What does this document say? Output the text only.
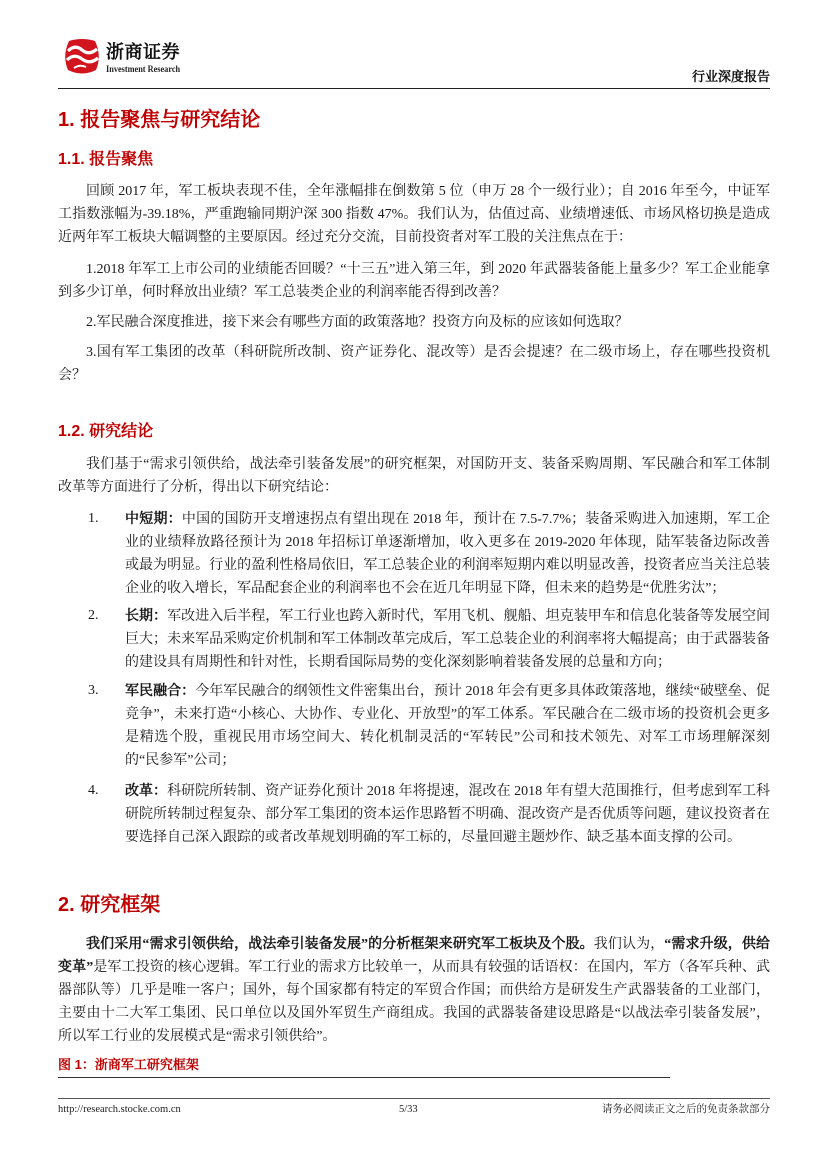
浙商证券
Investment Research	行业深度报告
1. 报告聚焦与研究结论
1.1. 报告聚焦

回顾 2017 年，军工板块表现不佳，全年涨幅排在倒数第 5 位（申万 28 个一级行业）；自 2016 年至今，中证军工指数涨幅为-39.18%，严重跑输同期沪深 300 指数 47%。我们认为，估值过高、业绩增速低、市场风格切换是造成近两年军工板块大幅调整的主要原因。经过充分交流，目前投资者对军工股的关注焦点在于：

1.2018 年军工上市公司的业绩能否回暖？“十三五”进入第三年，到 2020 年武器装备能上量多少？军工企业能拿到多少订单，何时释放出业绩？军工总装类企业的利润率能否得到改善？

2.军民融合深度推进，接下来会有哪些方面的政策落地？投资方向及标的应该如何选取？

3.国有军工集团的改革（科研院所改制、资产证券化、混改等）是否会提速？在二级市场上，存在哪些投资机会？

1.2. 研究结论

我们基于“需求引领供给，战法牵引装备发展”的研究框架，对国防开支、装备采购周期、军民融合和军工体制改革等方面进行了分析，得出以下研究结论：

1. 中短期：中国的国防开支增速拐点有望出现在 2018 年，预计在 7.5-7.7%；装备采购进入加速期，军工企业的业绩释放路径预计为 2018 年招标订单逐渐增加，收入更多在 2019-2020 年体现，陆军装备边际改善或最为明显。行业的盈利性格局依旧，军工总装企业的利润率短期内难以明显改善，投资者应当关注总装企业的收入增长，军品配套企业的利润率也不会在近几年明显下降，但未来的趋势是“优胜劣汰”；
2. 长期：军改进入后半程，军工行业也跨入新时代，军用飞机、舰船、坦克装甲车和信息化装备等发展空间巨大；未来军品采购定价机制和军工体制改革完成后，军工总装企业的利润率将大幅提高；由于武器装备的建设具有周期性和针对性，长期看国际局势的变化深刻影响着装备发展的总量和方向；
3. 军民融合：今年军民融合的纲领性文件密集出台，预计 2018 年会有更多具体政策落地，继续“破壁垒、促竞争”，未来打造“小核心、大协作、专业化、开放型”的军工体系。军民融合在二级市场的投资机会更多是精选个股，重视民用市场空间大、转化机制灵活的“军转民”公司和技术领先、对军工市场理解深刻的“民参军”公司；
4. 改革：科研院所转制、资产证券化预计 2018 年将提速，混改在 2018 年有望大范围推行，但考虑到军工科研院所转制过程复杂、部分军工集团的资本运作思路暂不明确、混改资产是否优质等问题，建议投资者在要选择自己深入跟踪的或者改革规划明确的军工标的，尽量回避主题炒作、缺乏基本面支撑的公司。
2. 研究框架

我们采用“需求引领供给，战法牵引装备发展”的分析框架来研究军工板块及个股。我们认为，“需求升级，供给变革”是军工投资的核心逻辑。军工行业的需求方比较单一，从而具有较强的话语权：在国内，军方（各军兵种、武器部队等）几乎是唯一客户；国外，每个国家都有特定的军贸合作国；而供给方是研发生产武器装备的工业部门，主要由十二大军工集团、民口单位以及国外军贸生产商组成。我国的武器装备建设思路是“以战法牵引装备发展”，所以军工行业的发展模式是“需求引领供给”。

图 1：浙商军工研究框架
http://research.stocke.com.cn	5/33	请务必阅读正文之后的免责条款部分
